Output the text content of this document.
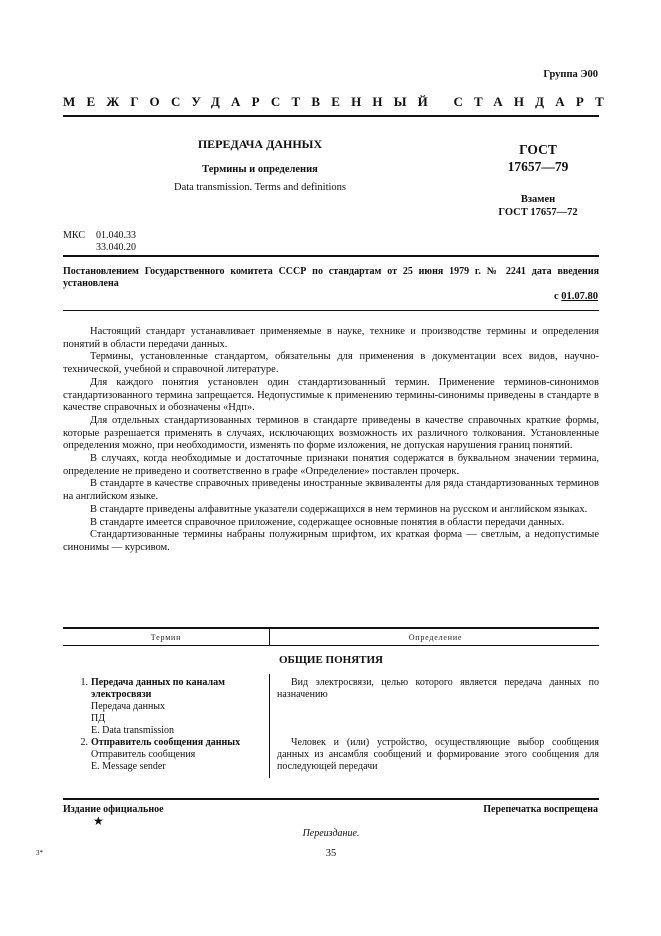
Группа Э00
МЕЖГОСУДАРСТВЕННЫЙ СТАНДАРТ
ПЕРЕДАЧА ДАННЫХ
Термины и определения
Data transmission. Terms and definitions
ГОСТ
17657—79
Взамен
ГОСТ 17657—72
МКС 01.040.33
33.040.20
Постановлением Государственного комитета СССР по стандартам от 25 июня 1979 г. № 2241 дата введения установлена
с 01.07.80

Настоящий стандарт устанавливает применяемые в науке, технике и производстве термины и определения понятий в области передачи данных.

Термины, установленные стандартом, обязательны для применения в документации всех видов, научно-технической, учебной и справочной литературе.

Для каждого понятия установлен один стандартизованный термин. Применение терминов-синонимов стандартизованного термина запрещается. Недопустимые к применению термины-синонимы приведены в стандарте в качестве справочных и обозначены «Ндп».

Для отдельных стандартизованных терминов в стандарте приведены в качестве справочных краткие формы, которые разрешается применять в случаях, исключающих возможность их различного толкования. Установленные определения можно, при необходимости, изменять по форме изложения, не допуская нарушения границ понятий.

В случаях, когда необходимые и достаточные признаки понятия содержатся в буквальном значении термина, определение не приведено и соответственно в графе «Определение» поставлен прочерк.

В стандарте в качестве справочных приведены иностранные эквиваленты для ряда стандартизованных терминов на английском языке.

В стандарте приведены алфавитные указатели содержащихся в нем терминов на русском и английском языках.

В стандарте имеется справочное приложение, содержащее основные понятия в области передачи данных.

Стандартизованные термины набраны полужирным шрифтом, их краткая форма — светлым, а недопустимые синонимы — курсивом.

Термин	Определение
ОБЩИЕ ПОНЯТИЯ
1. Передача данных по каналам электросвязи
Передача данных
ПД
E. Data transmission

Вид электросвязи, целью которого является передача данных по назначению

2. Отправитель сообщения данных
Отправитель сообщения
E. Message sender

Человек и (или) устройство, осуществляющие выбор сообщения данных из ансамбля сообщений и формирование этого сообщения для последующей передачи

Издание официальное	Перепечатка воспрещена
★
Переиздание.
35
3*
